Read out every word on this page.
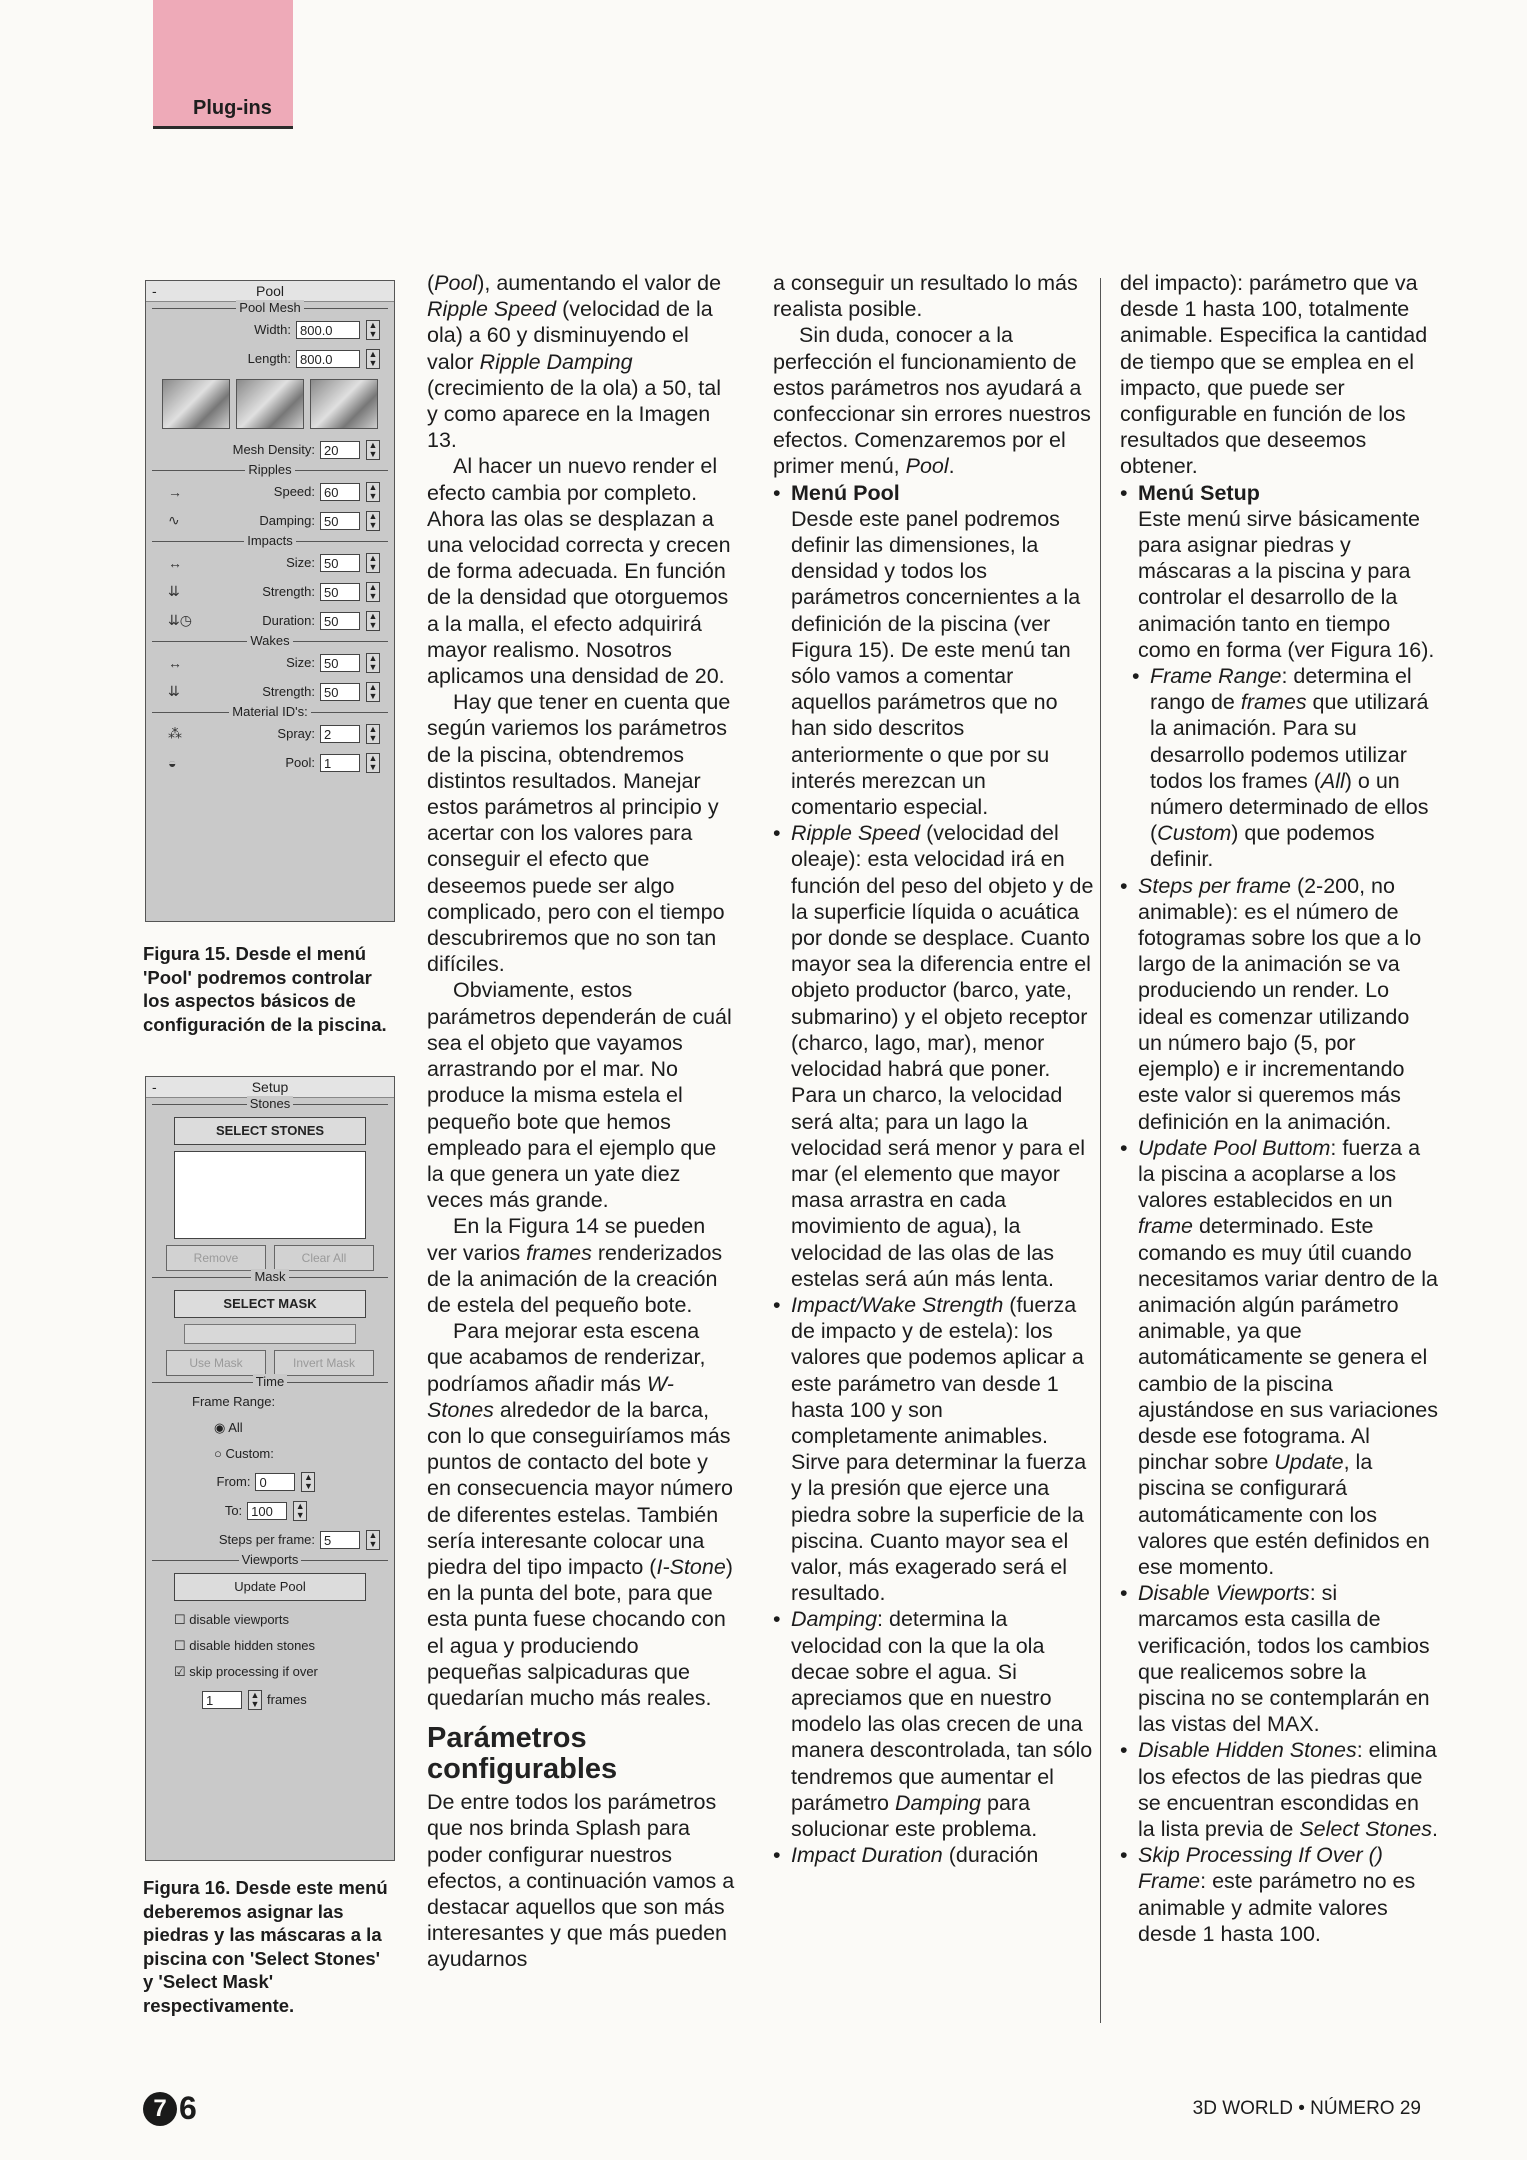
Plug-ins
-	Pool
Pool Mesh
Width: 800.0	▲
▼
Length: 800.0	▲
▼
Mesh Density: 20	▲
▼
Ripples
→	Speed: 60	▲
▼
∿	Damping: 50	▲
▼
Impacts
↔	Size: 50	▲
▼
⇊	Strength: 50	▲
▼
⇊◷	Duration: 50	▲
▼
Wakes
↔	Size: 50	▲
▼
⇊	Strength: 50	▲
▼
Material ID's:
⁂	Spray: 2	▲
▼
◒	Pool: 1	▲
▼
Figura 15. Desde el menú 'Pool' podremos controlar los aspectos básicos de configuración de la piscina.
-	Setup
Stones
SELECT STONES
Remove	Clear All
Mask
SELECT MASK
Use Mask	Invert Mask
Time
Frame Range:
◉ All
○ Custom:
From: 0	▲
▼
To: 100	▲
▼
Steps per frame: 5	▲
▼
Viewports
Update Pool
☐ disable viewports
☐ disable hidden stones
☑ skip processing if over
1	▲
▼ frames
Figura 16. Desde este menú deberemos asignar las piedras y las máscaras a la piscina con 'Select Stones' y 'Select Mask' respectivamente.

(Pool), aumentando el valor de Ripple Speed (velocidad de la ola) a 60 y disminuyendo el valor Ripple Damping (crecimiento de la ola) a 50, tal y como aparece en la Imagen 13.

Al hacer un nuevo render el efecto cambia por completo. Ahora las olas se desplazan a una velocidad correcta y crecen de forma adecuada. En función de la densidad que otorguemos a la malla, el efecto adquirirá mayor realismo. Nosotros aplicamos una densidad de 20.

Hay que tener en cuenta que según variemos los parámetros de la piscina, obtendremos distintos resultados. Manejar estos parámetros al principio y acertar con los valores para conseguir el efecto que deseemos puede ser algo complicado, pero con el tiempo descubriremos que no son tan difíciles.

Obviamente, estos parámetros dependerán de cuál sea el objeto que vayamos arrastrando por el mar. No produce la misma estela el pequeño bote que hemos empleado para el ejemplo que la que genera un yate diez veces más grande.

En la Figura 14 se pueden ver varios frames renderizados de la animación de la creación de estela del pequeño bote.

Para mejorar esta escena que acabamos de renderizar, podríamos añadir más W-Stones alrededor de la barca, con lo que conseguiríamos más puntos de contacto del bote y en consecuencia mayor número de diferentes estelas. También sería interesante colocar una piedra del tipo impacto (I-Stone) en la punta del bote, para que esta punta fuese chocando con el agua y produciendo pequeñas salpicaduras que quedarían mucho más reales.

Parámetros configurables

De entre todos los parámetros que nos brinda Splash para poder configurar nuestros efectos, a continuación vamos a destacar aquellos que son más interesantes y que más pueden ayudarnos

a conseguir un resultado lo más realista posible.

Sin duda, conocer a la perfección el funcionamiento de estos parámetros nos ayudará a confeccionar sin errores nuestros efectos. Comenzaremos por el primer menú, Pool.

• Menú Pool
Desde este panel podremos definir las dimensiones, la densidad y todos los parámetros concernientes a la definición de la piscina (ver Figura 15). De este menú tan sólo vamos a comentar aquellos parámetros que no han sido descritos anteriormente o que por su interés merezcan un comentario especial.
• Ripple Speed (velocidad del oleaje): esta velocidad irá en función del peso del objeto y de la superficie líquida o acuática por donde se desplace. Cuanto mayor sea la diferencia entre el objeto productor (barco, yate, submarino) y el objeto receptor (charco, lago, mar), menor velocidad habrá que poner. Para un charco, la velocidad será alta; para un lago la velocidad será menor y para el mar (el elemento que mayor masa arrastra en cada movimiento de agua), la velocidad de las olas de las estelas será aún más lenta.
• Impact/Wake Strength (fuerza de impacto y de estela): los valores que podemos aplicar a este parámetro van desde 1 hasta 100 y son completamente animables. Sirve para determinar la fuerza y la presión que ejerce una piedra sobre la superficie de la piscina. Cuanto mayor sea el valor, más exagerado será el resultado.
• Damping: determina la velocidad con la que la ola decae sobre el agua. Si apreciamos que en nuestro modelo las olas crecen de una manera descontrolada, tan sólo tendremos que aumentar el parámetro Damping para solucionar este problema.
• Impact Duration (duración

del impacto): parámetro que va desde 1 hasta 100, totalmente animable. Especifica la cantidad de tiempo que se emplea en el impacto, que puede ser configurable en función de los resultados que deseemos obtener.

• Menú Setup
Este menú sirve básicamente para asignar piedras y máscaras a la piscina y para controlar el desarrollo de la animación tanto en tiempo como en forma (ver Figura 16).
• Frame Range: determina el rango de frames que utilizará la animación. Para su desarrollo podemos utilizar todos los frames (All) o un número determinado de ellos (Custom) que podemos definir.
• Steps per frame (2-200, no animable): es el número de fotogramas sobre los que a lo largo de la animación se va produciendo un render. Lo ideal es comenzar utilizando un número bajo (5, por ejemplo) e ir incrementando este valor si queremos más definición en la animación.
• Update Pool Buttom: fuerza a la piscina a acoplarse a los valores establecidos en un frame determinado. Este comando es muy útil cuando necesitamos variar dentro de la animación algún parámetro animable, ya que automáticamente se genera el cambio de la piscina ajustándose en sus variaciones desde ese fotograma. Al pinchar sobre Update, la piscina se configurará automáticamente con los valores que estén definidos en ese momento.
• Disable Viewports: si marcamos esta casilla de verificación, todos los cambios que realicemos sobre la piscina no se contemplarán en las vistas del MAX.
• Disable Hidden Stones: elimina los efectos de las piedras que se encuentran escondidas en la lista previa de Select Stones.
• Skip Processing If Over () Frame: este parámetro no es animable y admite valores desde 1 hasta 100.
7 6	3D WORLD • NÚMERO 29
